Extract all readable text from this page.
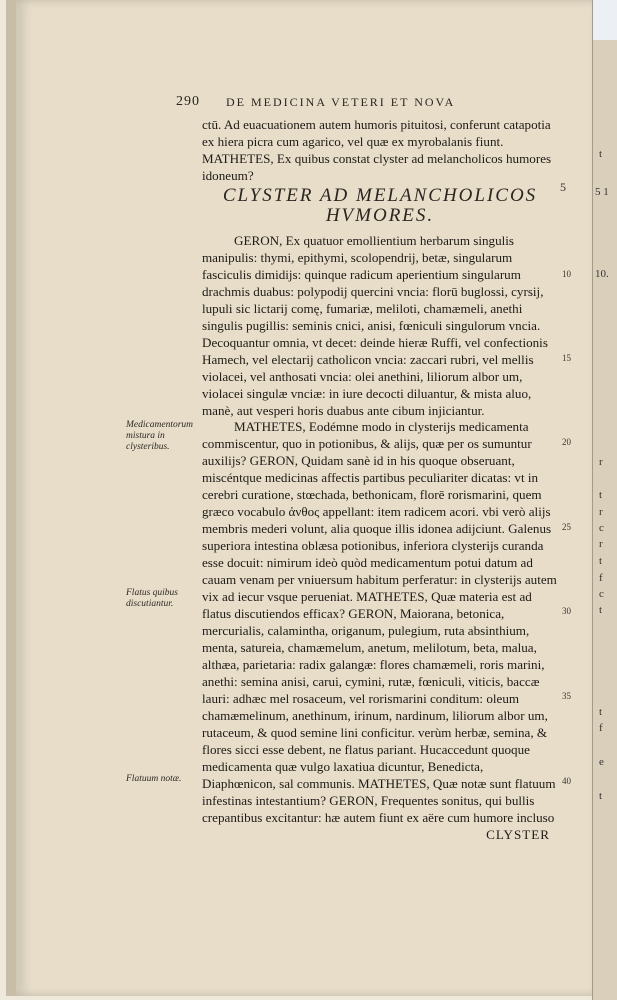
t
5 1
10.
r
t
r
c
r
t
f
c
t
t
f
e
t
290 DE MEDICINA VETERI ET NOVA

ctū. Ad euacuationem autem humoris pituitosi, conferunt catapotia ex hiera picra cum agarico, vel quæ ex myrobalanis fiunt. MATHETES, Ex quibus constat clyster ad melancholicos humores idoneum?

CLYSTER AD MELANCHOLICOS
HVMORES.
5

GERON, Ex quatuor emollientium herbarum singulis manipulis: thymi, epithymi, scolopendrij, betæ, singularum fasciculis dimidijs: quinque radicum aperientium singularum drachmis duabus: polypodij quercini vncia: florū buglossi, cyrsij, lupuli sic lictarij comę, fumariæ, meliloti, chamæmeli, anethi singulis pugillis: seminis cnici, anisi, fœniculi singulorum vncia. Decoquantur omnia, vt decet: deinde hieræ Ruffi, vel confectionis Hamech, vel electarij catholicon vncia: zaccari rubri, vel mellis violacei, vel anthosati vncia: olei anethini, liliorum albor um, violacei singulæ vnciæ: in iure decocti diluantur, & mista aluo, manè, aut vesperi horis duabus ante cibum injiciantur.

MATHETES, Eodémne modo in clysterijs medicamenta commiscentur, quo in potionibus, & alijs, quæ per os sumuntur auxilijs? GERON, Quidam sanè id in his quoque obseruant, miscéntque medicinas affectis partibus peculiariter dicatas: vt in cerebri curatione, stœchada, bethonicam, florē rorismarini, quem græco vocabulo ἀνθος appellant: item radicem acori. vbi verò alijs membris mederi volunt, alia quoque illis idonea adijciunt. Galenus superiora intestina oblæsa potionibus, inferiora clysterijs curanda esse docuit: nimirum ideò quòd medicamentum potui datum ad cauam venam per vniuersum habitum perferatur: in clysterijs autem vix ad iecur vsque perueniat. MATHETES, Quæ materia est ad flatus discutiendos efficax? GERON, Maiorana, betonica, mercurialis, calamintha, origanum, pulegium, ruta absinthium, menta, satureia, chamæmelum, anetum, melilotum, beta, malua, althæa, parietaria: radix galangæ: flores chamæmeli, roris marini, anethi: semina anisi, carui, cymini, rutæ, fœniculi, viticis, baccæ lauri: adhæc mel rosaceum, vel rorismarini conditum: oleum chamæmelinum, anethinum, irinum, nardinum, liliorum albor um, rutaceum, & quod semine lini conficitur. verùm herbæ, semina, & flores sicci esse debent, ne flatus pariant. Hucaccedunt quoque medicamenta quæ vulgo laxatiua dicuntur, Benedicta, Diaphœnicon, sal communis. MATHETES, Quæ notæ sunt flatuum infestinas intestantium? GERON, Frequentes sonitus, qui bullis crepantibus excitantur: hæ autem fiunt ex aëre cum humore incluso

CLYSTER
Medicamentorum mistura in clysteribus.
Flatus quibus discutiantur.
Flatuum notæ.
10
15
20
25
30
35
40
